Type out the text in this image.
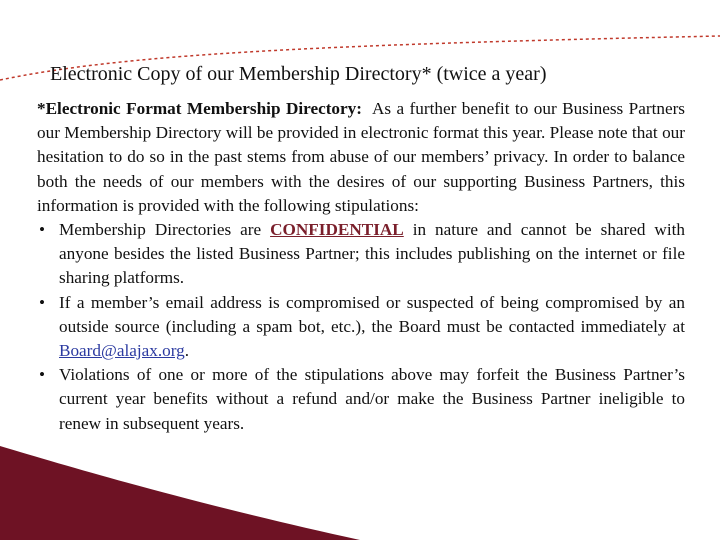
Electronic Copy of our Membership Directory* (twice a year)

*Electronic Format Membership Directory: As a further benefit to our Business Partners our Membership Directory will be provided in electronic format this year. Please note that our hesitation to do so in the past stems from abuse of our members’ privacy. In order to balance both the needs of our members with the desires of our supporting Business Partners, this information is provided with the following stipulations:

• Membership Directories are CONFIDENTIAL in nature and cannot be shared with anyone besides the listed Business Partner; this includes publishing on the internet or file sharing platforms.
• If a member’s email address is compromised or suspected of being compromised by an outside source (including a spam bot, etc.), the Board must be contacted immediately at Board@alajax.org.
• Violations of one or more of the stipulations above may forfeit the Business Partner’s current year benefits without a refund and/or make the Business Partner ineligible to renew in subsequent years.
